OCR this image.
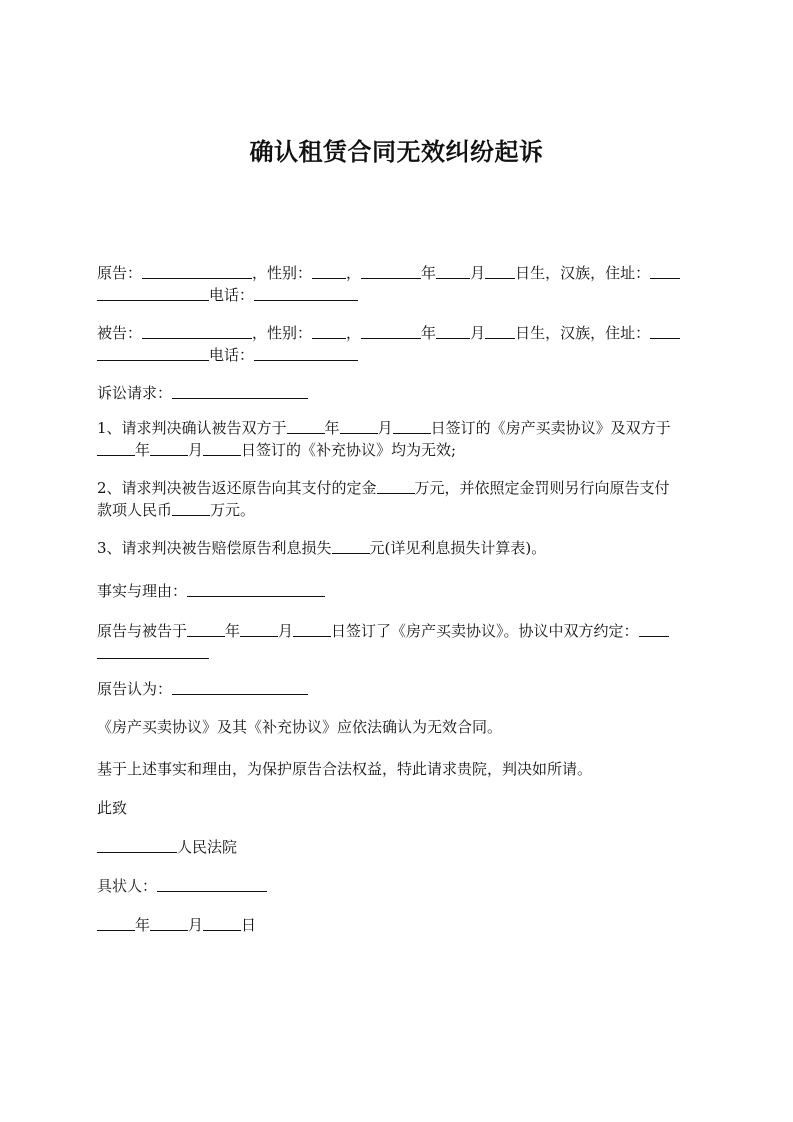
确认租赁合同无效纠纷起诉
原告：	，性别： ，	年 月 日生，汉族，住址：
电话：
被告：	，性别： ，	年 月 日生，汉族，住址：
电话：
诉讼请求：
1、请求判决确认被告双方于	年	月	日签订的《房产买卖协议》及双方于
年	月	日签订的《补充协议》均为无效;
2、请求判决被告返还原告向其支付的定金	万元，并依照定金罚则另行向原告支付
款项人民币	万元。
3、请求判决被告赔偿原告利息损失	元(详见利息损失计算表)。
事实与理由：
原告与被告于	年	月	日签订了《房产买卖协议》。协议中双方约定：
原告认为：
《房产买卖协议》及其《补充协议》应依法确认为无效合同。
基于上述事实和理由，为保护原告合法权益，特此请求贵院，判决如所请。
此致
人民法院
具状人：
年	月	日
